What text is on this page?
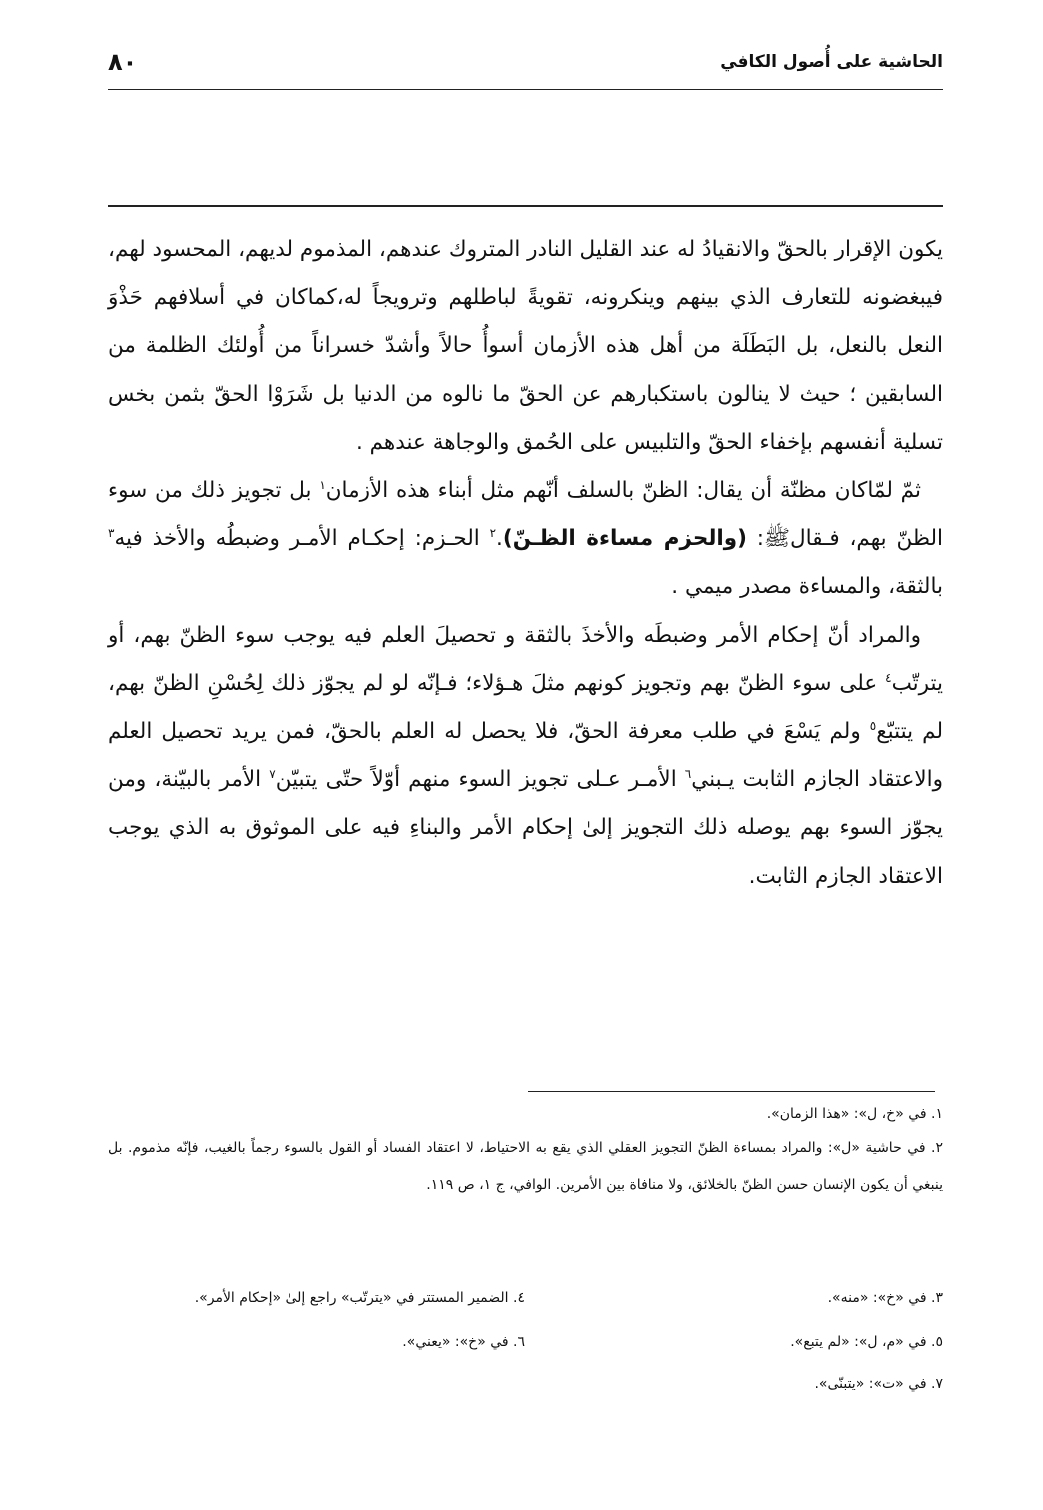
الحاشية على أُصول الكافي
٨٠

يكون الإقرار بالحقّ والانقيادُ له عند القليل النادر المتروك عندهم، المذموم لديهم، المحسود لهم، فيبغضونه للتعارف الذي بينهم وينكرونه، تقويةً لباطلهم وترويجاً له،كماكان في أسلافهم حَذْوَ النعل بالنعل، بل البَطَلَة من أهل هذه الأزمان أسوأُ حالاً وأشدّ خسراناً من أُولئك الظلمة من السابقين ؛ حيث لا ينالون باستكبارهم عن الحقّ ما نالوه من الدنيا بل شَرَوْا الحقّ بثمن بخس تسلية أنفسهم بإخفاء الحقّ والتلبيس على الحُمق والوجاهة عندهم .

ثمّ لمّاكان مظنّة أن يقال: الظنّ بالسلف أنّهم مثل أبناء هذه الأزمان$^١$ بل تجويز ذلك من سوء الظنّ بهم، فـقالﷺ: (والحزم مساءة الظـنّ).$^٢$ الحـزم: إحكـام الأمـر وضبطُه والأخذ فيه$^٣$ بالثقة، والمساءة مصدر ميمي .

والمراد أنّ إحكام الأمر وضبطَه والأخذَ بالثقة و تحصيلَ العلم فيه يوجب سوء الظنّ بهم، أو يترتّب$^٤$ على سوء الظنّ بهم وتجويز كونهم مثلَ هـؤلاء؛ فـإنّه لو لم يجوّز ذلك لِحُسْنِ الظنّ بهم، لم يتتبّع$^٥$ ولم يَسْعَ في طلب معرفة الحقّ، فلا يحصل له العلم بالحقّ، فمن يريد تحصيل العلم والاعتقاد الجازم الثابت يـبني$^٦$ الأمـر عـلى تجويز السوء منهم أوّلاً حتّى يتبيّن$^٧$ الأمر بالبيّنة، ومن يجوّز السوء بهم يوصله ذلك التجويز إلىٰ إحكام الأمر والبناءِ فيه على الموثوق به الذي يوجب الاعتقاد الجازم الثابت.

١. في «خ، ل»: «هذا الزمان».
٢. في حاشية «ل»: والمراد بمساءة الظنّ التجويز العقلي الذي يقع به الاحتياط، لا اعتقاد الفساد أو القول بالسوء رجماً بالغيب، فإنّه مذموم. بل ينبغي أن يكون الإنسان حسن الظنّ بالخلائق، ولا منافاة بين الأمرين. الوافي، ج ١، ص ١١٩.
٣. في «خ»: «منه».
٤. الضمير المستتر في «يترتّب» راجع إلىٰ «إحكام الأمر».
٥. في «م، ل»: «لم يتبع».
٦. في «خ»: «يعني».
٧. في «ت»: «يتبنّى».
